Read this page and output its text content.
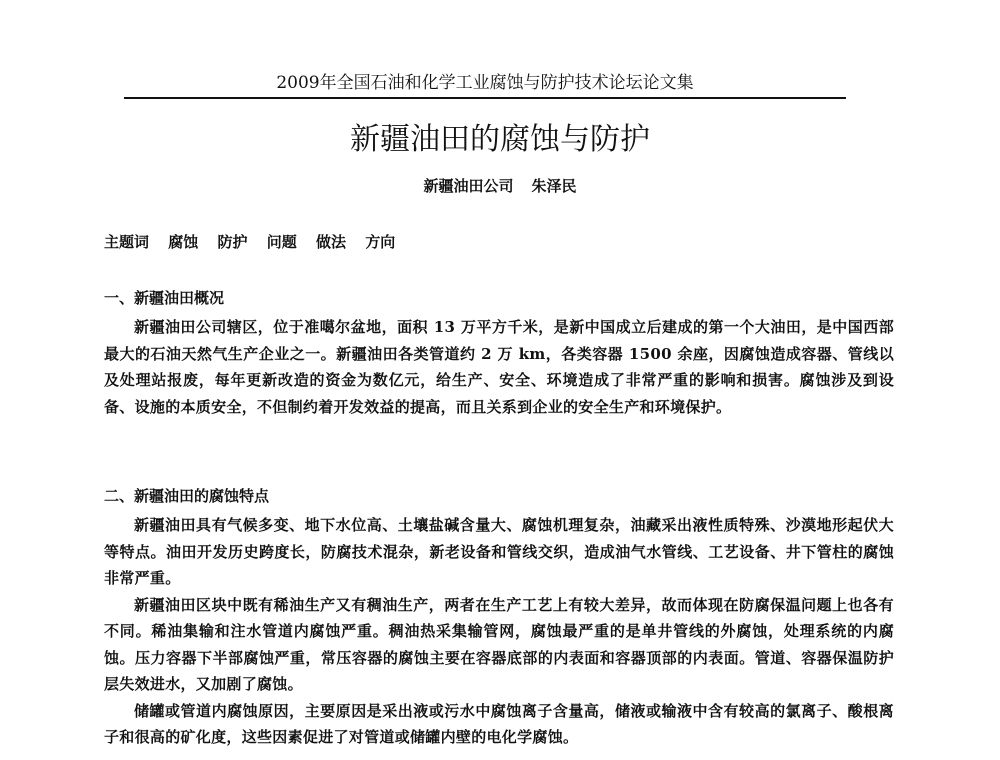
2009年全国石油和化学工业腐蚀与防护技术论坛论文集
新疆油田的腐蚀与防护
新疆油田公司 朱泽民
主题词 腐蚀 防护 问题 做法 方向
一、新疆油田概况

新疆油田公司辖区，位于准噶尔盆地，面积 13 万平方千米，是新中国成立后建成的第一个大油田，是中国西部最大的石油天然气生产企业之一。新疆油田各类管道约 2 万 km，各类容器 1500 余座，因腐蚀造成容器、管线以及处理站报废，每年更新改造的资金为数亿元，给生产、安全、环境造成了非常严重的影响和损害。腐蚀涉及到设备、设施的本质安全，不但制约着开发效益的提高，而且关系到企业的安全生产和环境保护。

二、新疆油田的腐蚀特点

新疆油田具有气候多变、地下水位高、土壤盐碱含量大、腐蚀机理复杂，油藏采出液性质特殊、沙漠地形起伏大等特点。油田开发历史跨度长，防腐技术混杂，新老设备和管线交织，造成油气水管线、工艺设备、井下管柱的腐蚀非常严重。

新疆油田区块中既有稀油生产又有稠油生产，两者在生产工艺上有较大差异，故而体现在防腐保温问题上也各有不同。稀油集输和注水管道内腐蚀严重。稠油热采集输管网，腐蚀最严重的是单井管线的外腐蚀，处理系统的内腐蚀。压力容器下半部腐蚀严重，常压容器的腐蚀主要在容器底部的内表面和容器顶部的内表面。管道、容器保温防护层失效进水，又加剧了腐蚀。

储罐或管道内腐蚀原因，主要原因是采出液或污水中腐蚀离子含量高，储液或输液中含有较高的氯离子、酸根离子和很高的矿化度，这些因素促进了对管道或储罐内壁的电化学腐蚀。
